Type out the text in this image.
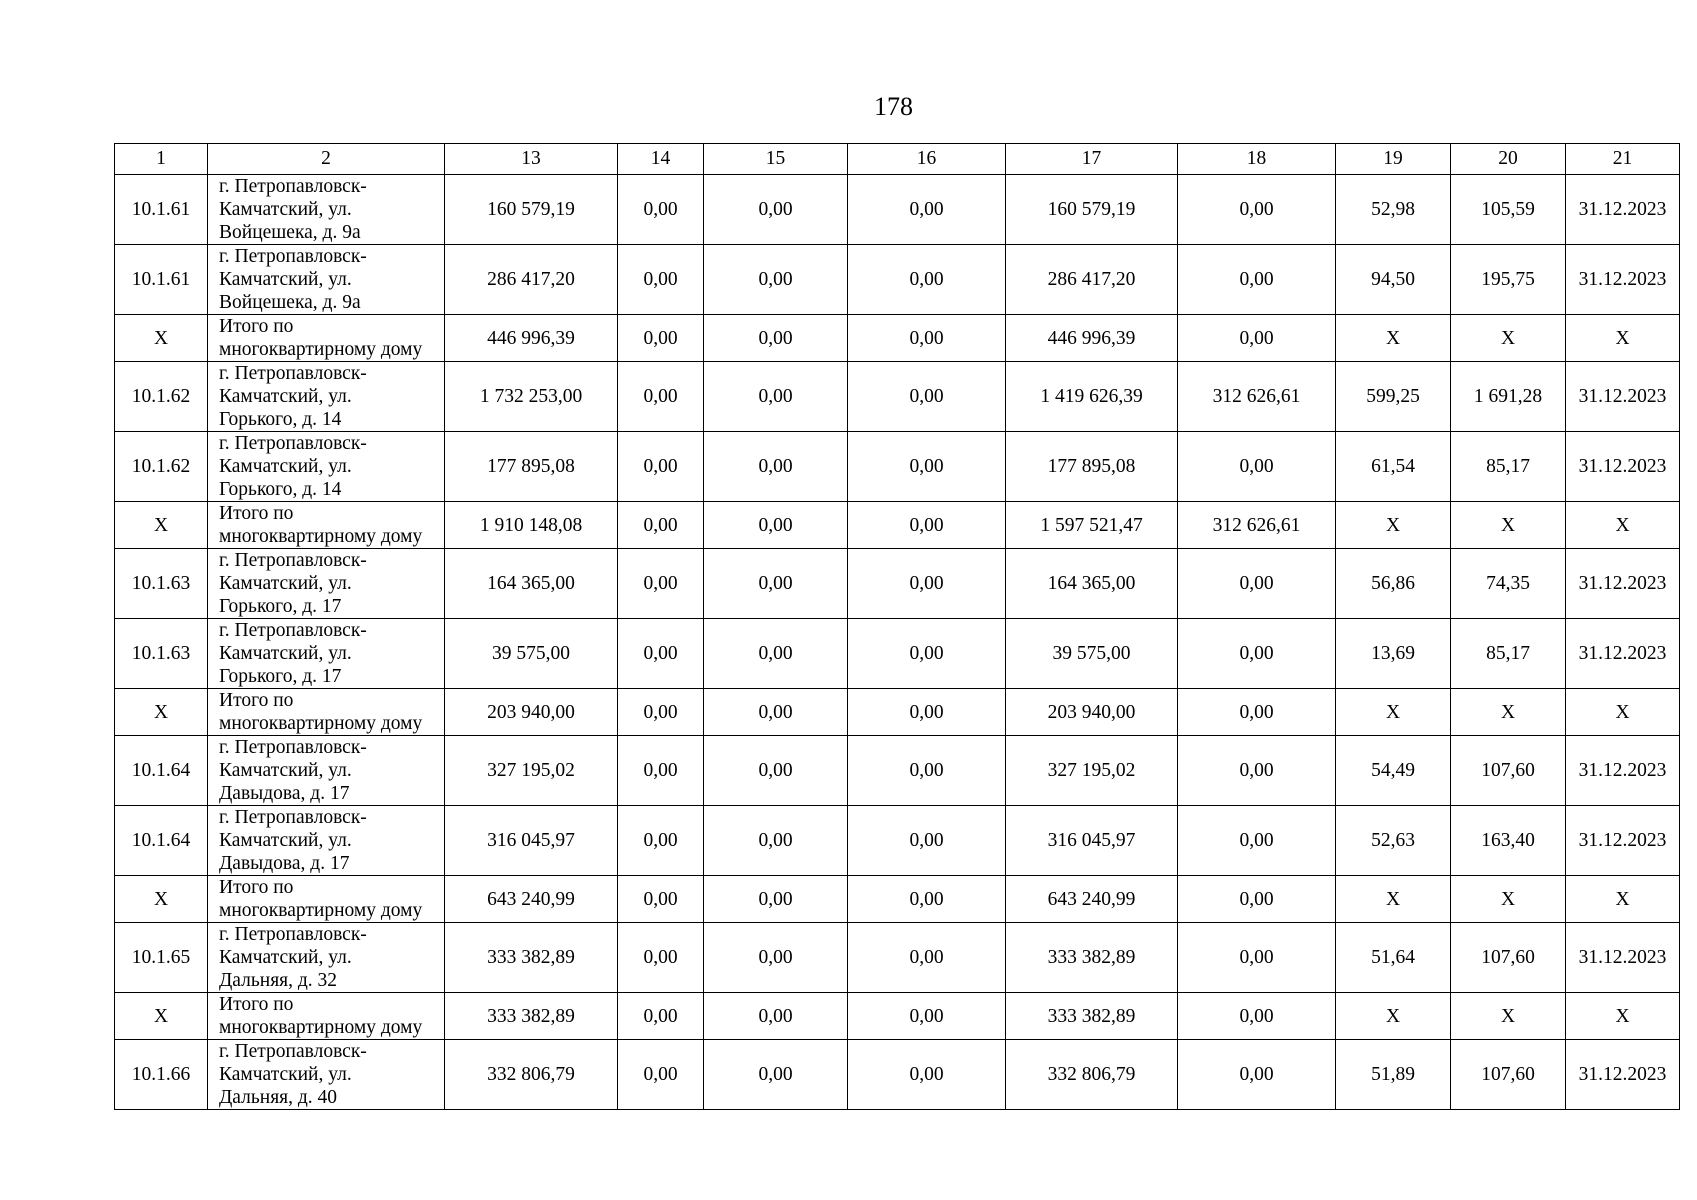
178
1	2	13	14	15	16	17	18	19	20	21
10.1.61	г. Петропавловск-
Камчатский, ул.
Войцешека, д. 9а	160 579,19	0,00	0,00	0,00	160 579,19	0,00	52,98	105,59	31.12.2023
10.1.61	г. Петропавловск-
Камчатский, ул.
Войцешека, д. 9а	286 417,20	0,00	0,00	0,00	286 417,20	0,00	94,50	195,75	31.12.2023
X	Итого по
многоквартирному дому	446 996,39	0,00	0,00	0,00	446 996,39	0,00	X	X	X
10.1.62	г. Петропавловск-
Камчатский, ул.
Горького, д. 14	1 732 253,00	0,00	0,00	0,00	1 419 626,39	312 626,61	599,25	1 691,28	31.12.2023
10.1.62	г. Петропавловск-
Камчатский, ул.
Горького, д. 14	177 895,08	0,00	0,00	0,00	177 895,08	0,00	61,54	85,17	31.12.2023
X	Итого по
многоквартирному дому	1 910 148,08	0,00	0,00	0,00	1 597 521,47	312 626,61	X	X	X
10.1.63	г. Петропавловск-
Камчатский, ул.
Горького, д. 17	164 365,00	0,00	0,00	0,00	164 365,00	0,00	56,86	74,35	31.12.2023
10.1.63	г. Петропавловск-
Камчатский, ул.
Горького, д. 17	39 575,00	0,00	0,00	0,00	39 575,00	0,00	13,69	85,17	31.12.2023
X	Итого по
многоквартирному дому	203 940,00	0,00	0,00	0,00	203 940,00	0,00	X	X	X
10.1.64	г. Петропавловск-
Камчатский, ул.
Давыдова, д. 17	327 195,02	0,00	0,00	0,00	327 195,02	0,00	54,49	107,60	31.12.2023
10.1.64	г. Петропавловск-
Камчатский, ул.
Давыдова, д. 17	316 045,97	0,00	0,00	0,00	316 045,97	0,00	52,63	163,40	31.12.2023
X	Итого по
многоквартирному дому	643 240,99	0,00	0,00	0,00	643 240,99	0,00	X	X	X
10.1.65	г. Петропавловск-
Камчатский, ул.
Дальняя, д. 32	333 382,89	0,00	0,00	0,00	333 382,89	0,00	51,64	107,60	31.12.2023
X	Итого по
многоквартирному дому	333 382,89	0,00	0,00	0,00	333 382,89	0,00	X	X	X
10.1.66	г. Петропавловск-
Камчатский, ул.
Дальняя, д. 40	332 806,79	0,00	0,00	0,00	332 806,79	0,00	51,89	107,60	31.12.2023
